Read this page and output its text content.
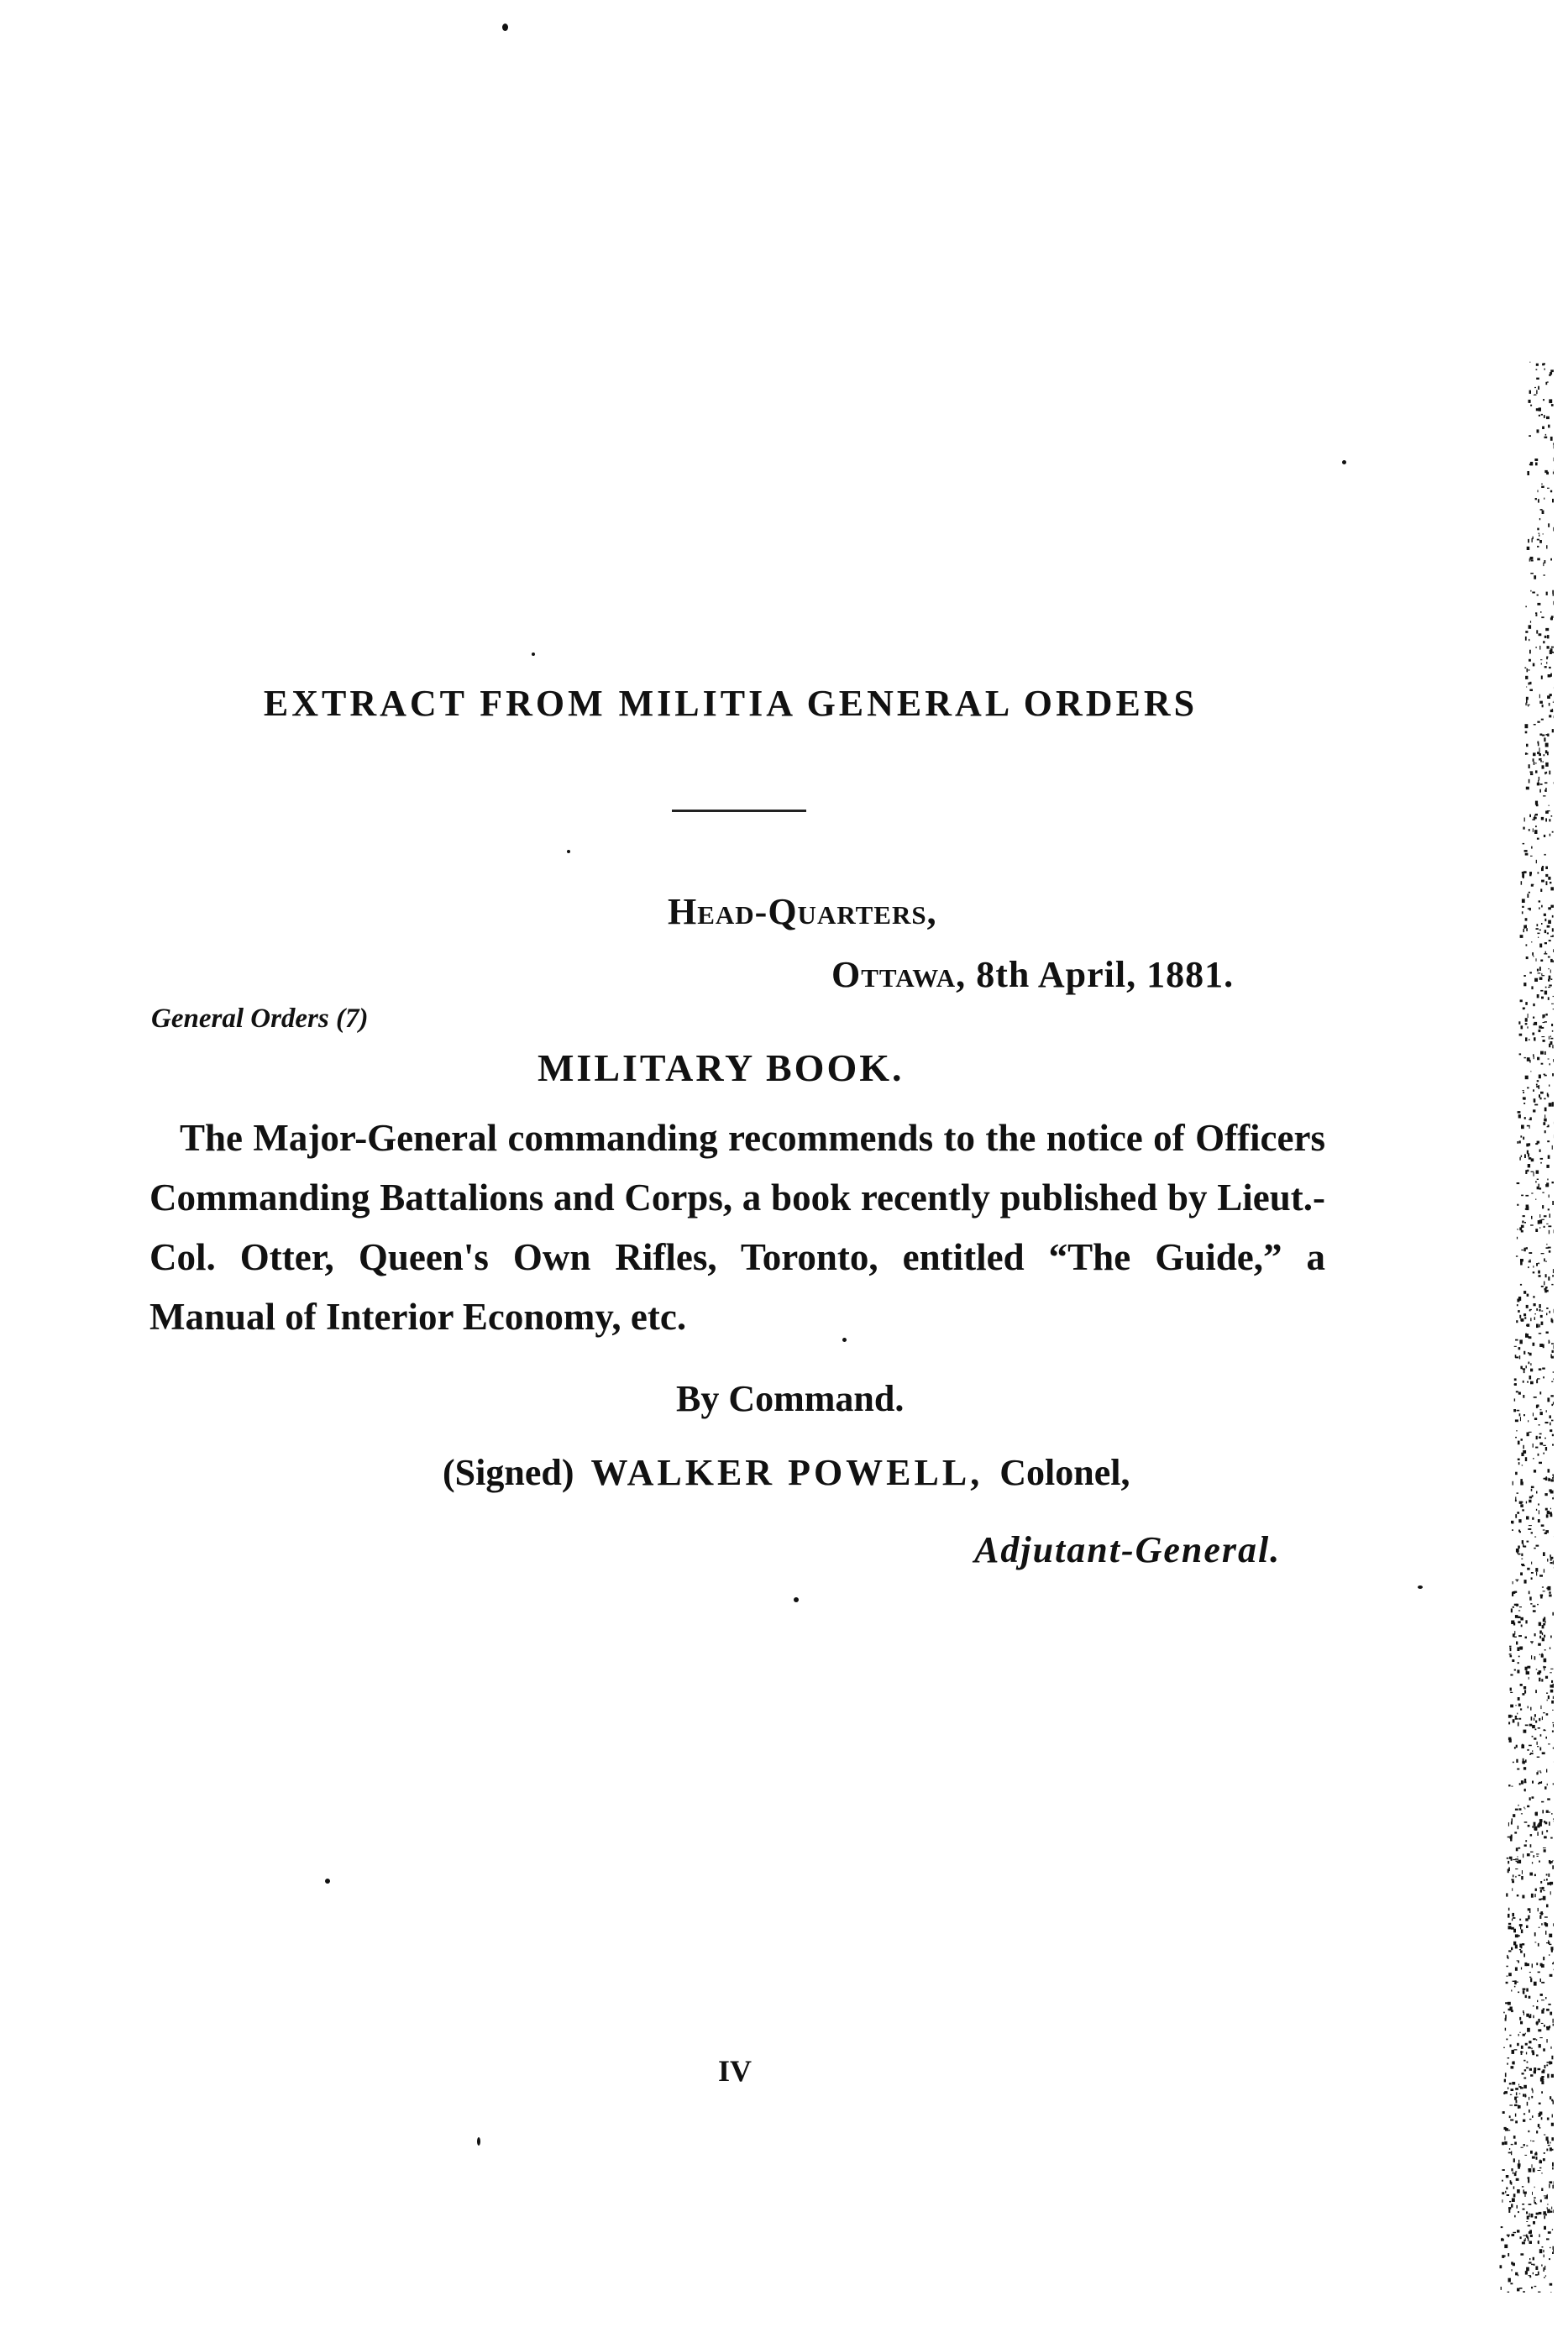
EXTRACT FROM MILITIA GENERAL ORDERS
Head-Quarters,
Ottawa, 8th April, 1881.
General Orders (7)
MILITARY BOOK.
The Major-General commanding recommends to the notice of Officers Commanding Battalions and Corps, a book recently published by Lieut.-Col. Otter, Queen's Own Rifles, Toronto, entitled “The Guide,” a Manual of Interior Economy, etc.
By Command.
(Signed) WALKER POWELL, Colonel,
Adjutant-General.
IV
